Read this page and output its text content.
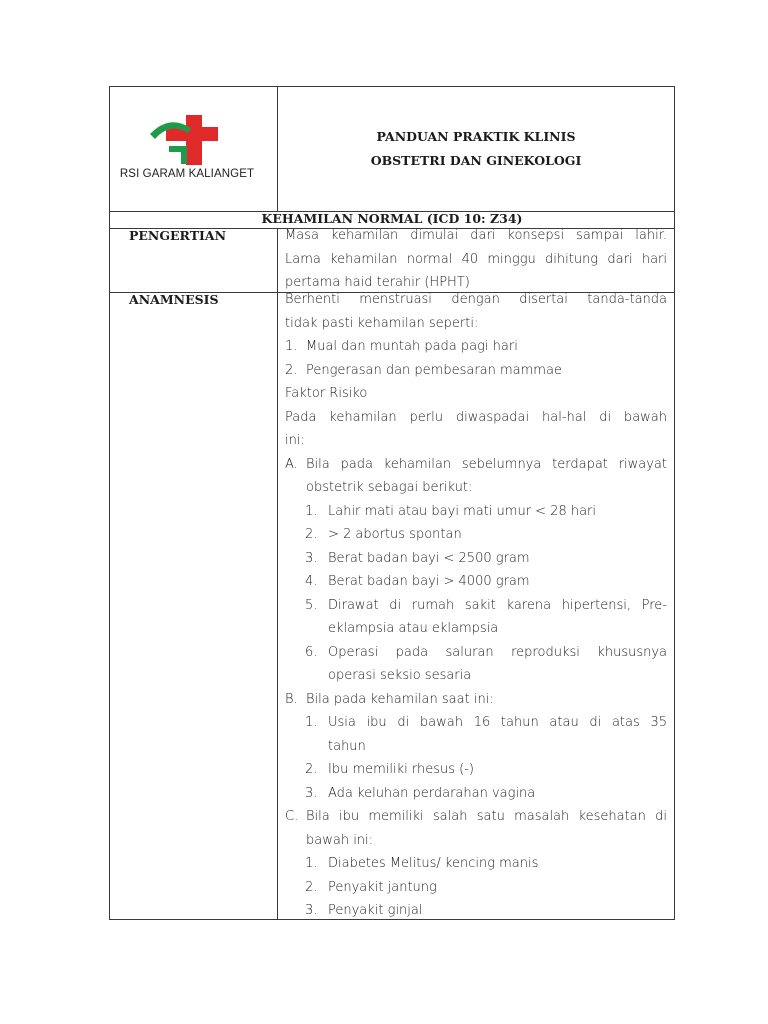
RSI GARAM KALIANGET
PANDUAN PRAKTIK KLINIS
OBSTETRI DAN GINEKOLOGI
KEHAMILAN NORMAL (ICD 10: Z34)
PENGERTIAN
ANAMNESIS
Masa kehamilan dimulai dari konsepsi sampai lahir.
Lama kehamilan normal 40 minggu dihitung dari hari
pertama haid terahir (HPHT)
Berhenti menstruasi dengan disertai tanda-tanda
tidak pasti kehamilan seperti:
1. Mual dan muntah pada pagi hari
2. Pengerasan dan pembesaran mammae
Faktor Risiko
Pada kehamilan perlu diwaspadai hal-hal di bawah
ini:
A. Bila pada kehamilan sebelumnya terdapat riwayat
obstetrik sebagai berikut:
1. Lahir mati atau bayi mati umur < 28 hari
2. > 2 abortus spontan
3. Berat badan bayi < 2500 gram
4. Berat badan bayi > 4000 gram
5. Dirawat di rumah sakit karena hipertensi, Pre-
eklampsia atau eklampsia
6. Operasi pada saluran reproduksi khususnya
operasi seksio sesaria
B. Bila pada kehamilan saat ini:
1. Usia ibu di bawah 16 tahun atau di atas 35
tahun
2. Ibu memiliki rhesus (-)
3. Ada keluhan perdarahan vagina
C. Bila ibu memiliki salah satu masalah kesehatan di
bawah ini:
1. Diabetes Melitus/ kencing manis
2. Penyakit jantung
3. Penyakit ginjal
